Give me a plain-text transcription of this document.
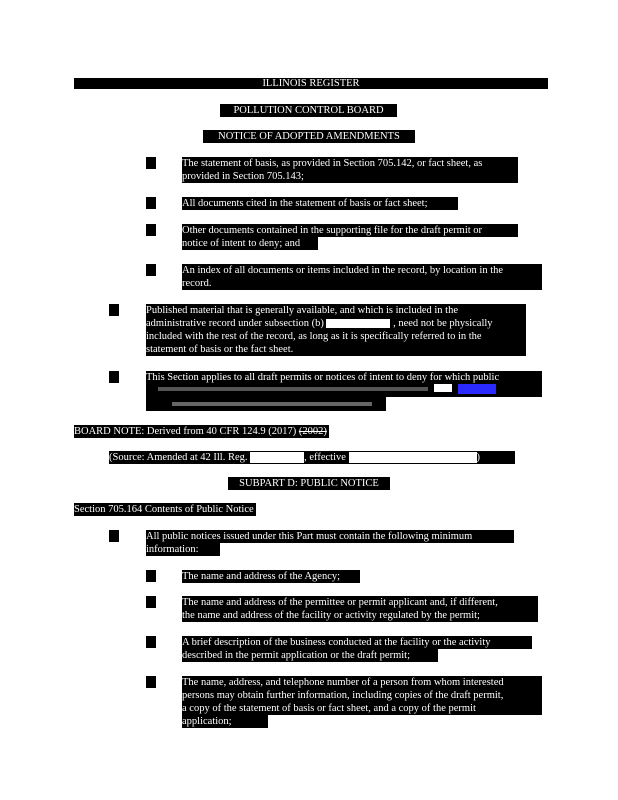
ILLINOIS REGISTER
POLLUTION CONTROL BOARD
NOTICE OF ADOPTED AMENDMENTS
The statement of basis, as provided in Section 705.142, or fact sheet, as
provided in Section 705.143;
All documents cited in the statement of basis or fact sheet;
Other documents contained in the supporting file for the draft permit or
notice of intent to deny; and
An index of all documents or items included in the record, by location in the
record.
Published material that is generally available, and which is included in the
administrative record under subsection (b)	, need not be physically
included with the rest of the record, as long as it is specifically referred to in the
statement of basis or the fact sheet.
This Section applies to all draft permits or notices of intent to deny for which public
BOARD NOTE: Derived from 40 CFR 124.9 (2017) (2002)
(Source: Amended at 42 Ill. Reg.	, effective	)
SUBPART D: PUBLIC NOTICE
Section 705.164 Contents of Public Notice
All public notices issued under this Part must contain the following minimum
information:
The name and address of the Agency;
The name and address of the permittee or permit applicant and, if different,
the name and address of the facility or activity regulated by the permit;
A brief description of the business conducted at the facility or the activity
described in the permit application or the draft permit;
The name, address, and telephone number of a person from whom interested
persons may obtain further information, including copies of the draft permit,
a copy of the statement of basis or fact sheet, and a copy of the permit
application;
